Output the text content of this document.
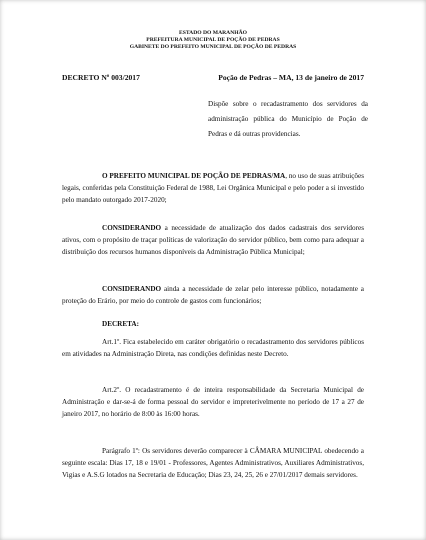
ESTADO DO MARANHÃO
PREFEITURA MUNICIPAL DE POÇÃO DE PEDRAS
GABINETE DO PREFEITO MUNICIPAL DE POÇÃO DE PEDRAS
DECRETO Nº 003/2017	Poção de Pedras – MA, 13 de janeiro de 2017
Dispõe sobre o recadastramento dos servidores da administração pública do Município de Poção de Pedras e dá outras providencias.
O PREFEITO MUNICIPAL DE POÇÃO DE PEDRAS/MA, no uso de suas atribuições legais, conferidas pela Constituição Federal de 1988, Lei Orgânica Municipal e pelo poder a si investido pelo mandato outorgado 2017-2020;
CONSIDERANDO a necessidade de atualização dos dados cadastrais dos servidores ativos, com o propósito de traçar políticas de valorização do servidor público, bem como para adequar a distribuição dos recursos humanos disponíveis da Administração Pública Municipal;
CONSIDERANDO ainda a necessidade de zelar pelo interesse público, notadamente a proteção do Erário, por meio do controle de gastos com funcionários;
DECRETA:
Art.1º. Fica estabelecido em caráter obrigatório o recadastramento dos servidores públicos em atividades na Administração Direta, nas condições definidas neste Decreto.
Art.2º. O recadastramento é de inteira responsabilidade da Secretaria Municipal de Administração e dar-se-á de forma pessoal do servidor e impreterivelmente no período de 17 a 27 de janeiro 2017, no horário de 8:00 às 16:00 horas.
Parágrafo 1º: Os servidores deverão comparecer à CÂMARA MUNICIPAL obedecendo a seguinte escala: Dias 17, 18 e 19/01 - Professores, Agentes Administrativos, Auxiliares Administrativos, Vigias e A.S.G lotados na Secretaria de Educação; Dias 23, 24, 25, 26 e 27/01/2017 demais servidores.
